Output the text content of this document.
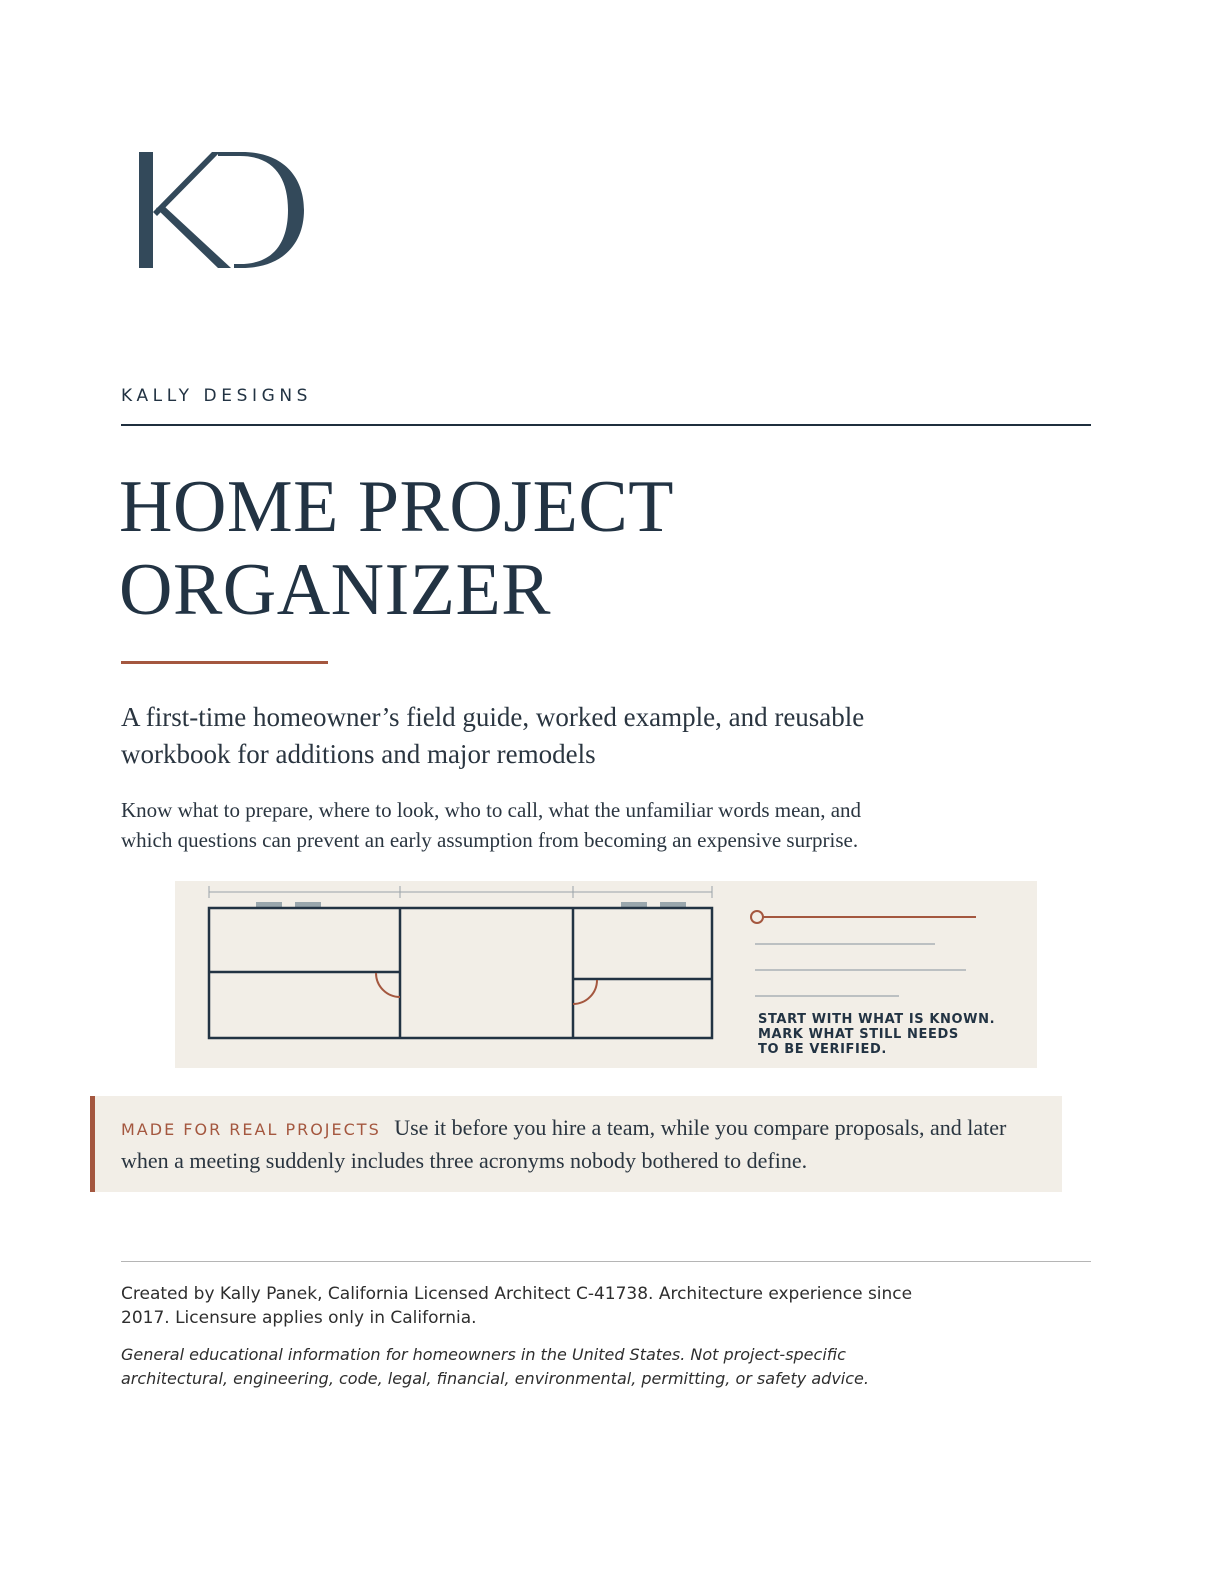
KALLY DESIGNS
HOME PROJECT
ORGANIZER
A first-time homeowner’s field guide, worked example, and reusable workbook for additions and major remodels
Know what to prepare, where to look, who to call, what the unfamiliar words mean, and which questions can prevent an early assumption from becoming an expensive surprise.
START WITH WHAT IS KNOWN.
MARK WHAT STILL NEEDS
TO BE VERIFIED.
MADE FOR REAL PROJECTS Use it before you hire a team, while you compare proposals, and later when a meeting suddenly includes three acronyms nobody bothered to define.
Created by Kally Panek, California Licensed Architect C-41738. Architecture experience since 2017. Licensure applies only in California.
General educational information for homeowners in the United States. Not project-specific architectural, engineering, code, legal, financial, environmental, permitting, or safety advice.
